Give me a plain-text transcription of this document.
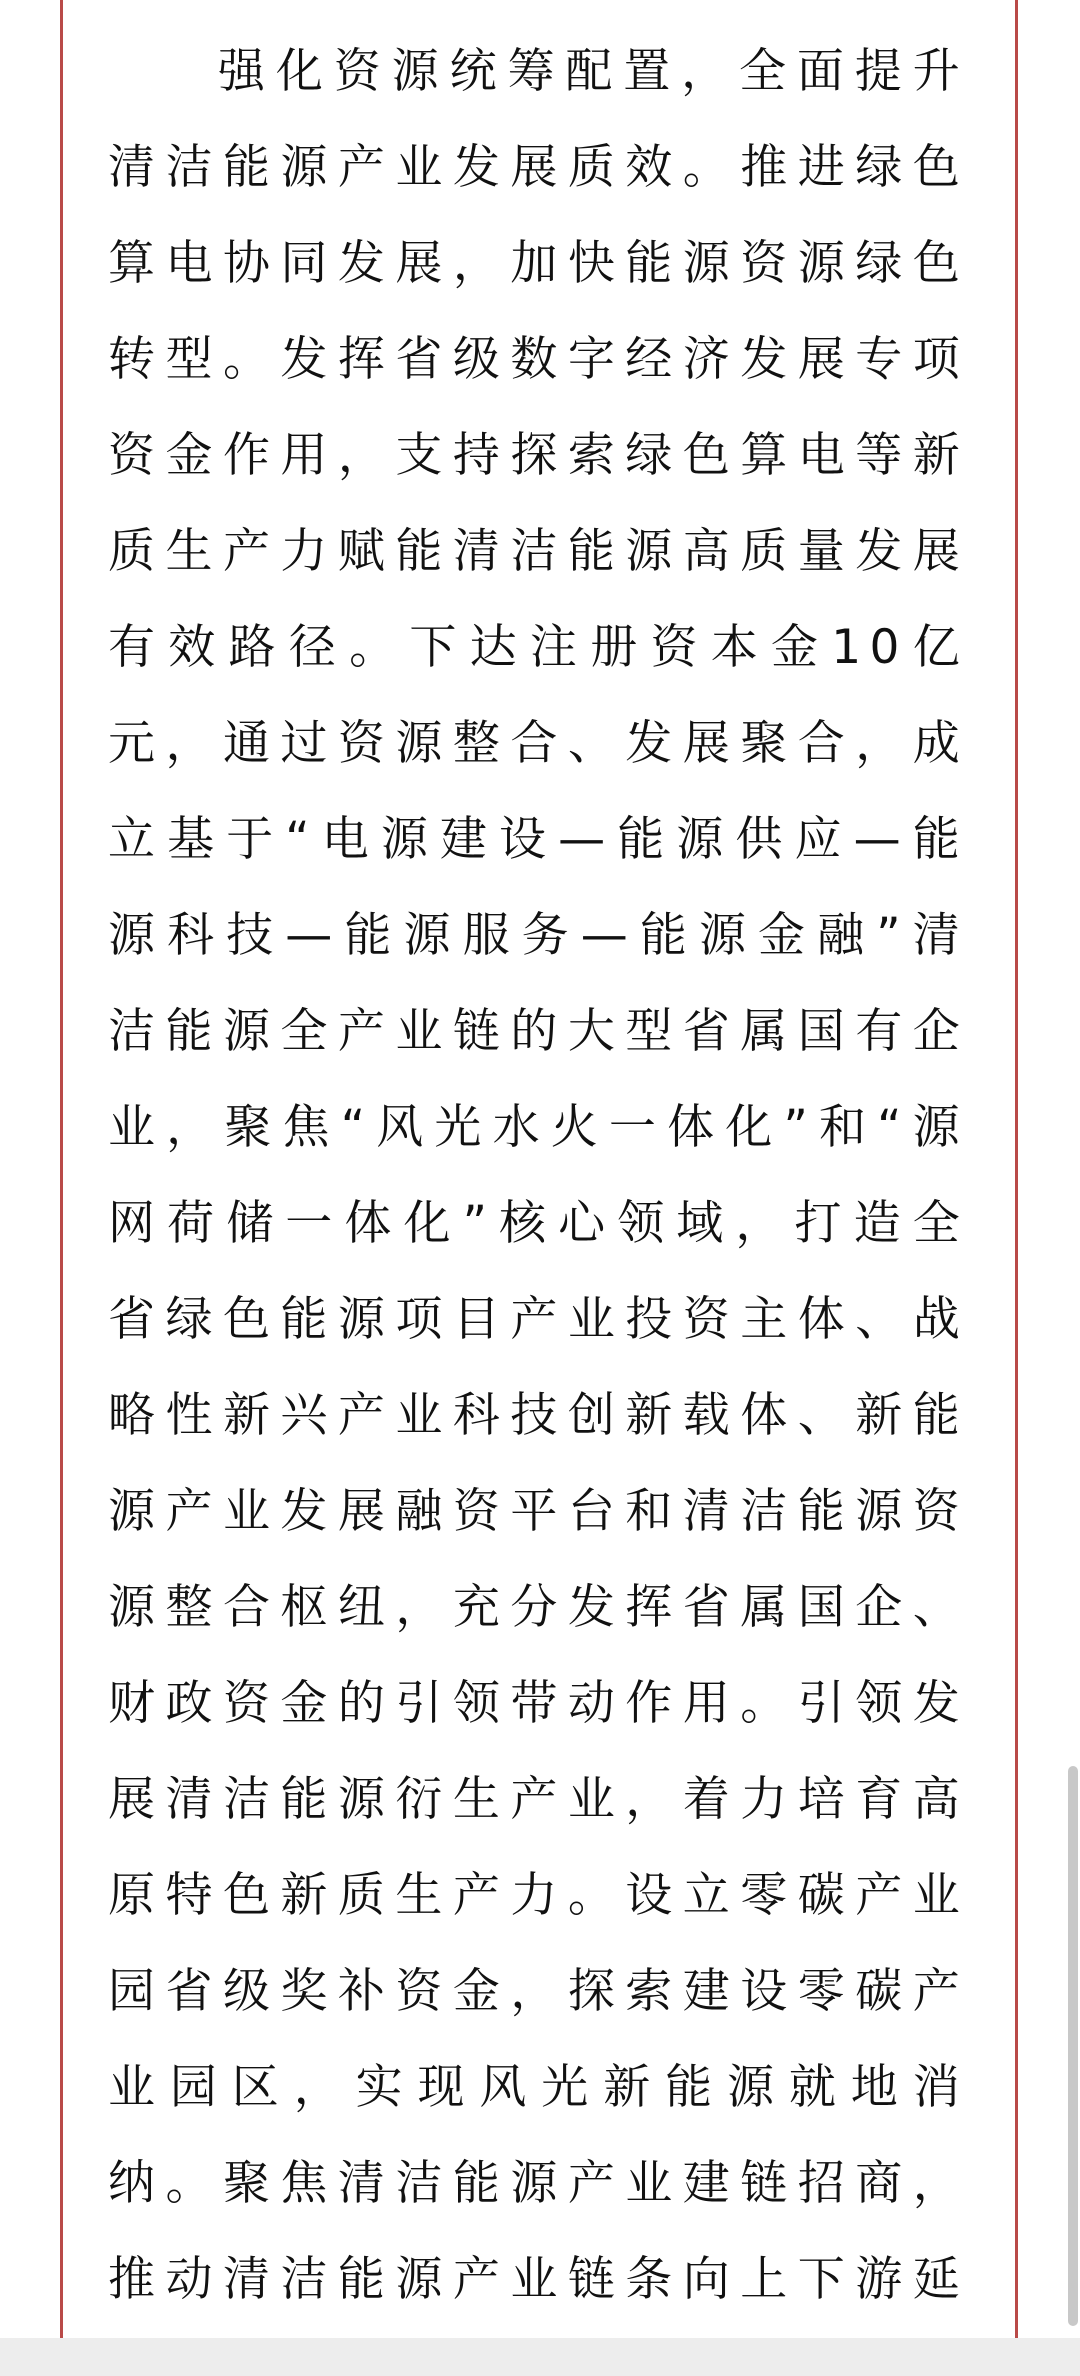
强化资源统筹配置，全面提升清洁能源产业发展质效。推进绿色算电协同发展，加快能源资源绿色转型。发挥省级数字经济发展专项资金作用，支持探索绿色算电等新质生产力赋能清洁能源高质量发展有效路径。下达注册资本金10亿元，通过资源整合、发展聚合，成立基于“电源建设—能源供应—能源科技—能源服务—能源金融”清洁能源全产业链的大型省属国有企业，聚焦“风光水火一体化”和“源网荷储一体化”核心领域，打造全省绿色能源项目产业投资主体、战略性新兴产业科技创新载体、新能源产业发展融资平台和清洁能源资源整合枢纽，充分发挥省属国企、财政资金的引领带动作用。引领发展清洁能源衍生产业，着力培育高原特色新质生产力。设立零碳产业园省级奖补资金，探索建设零碳产业园区，实现风光新能源就地消纳。聚焦清洁能源产业建链招商，推动清洁能源产业链条向上下游延
